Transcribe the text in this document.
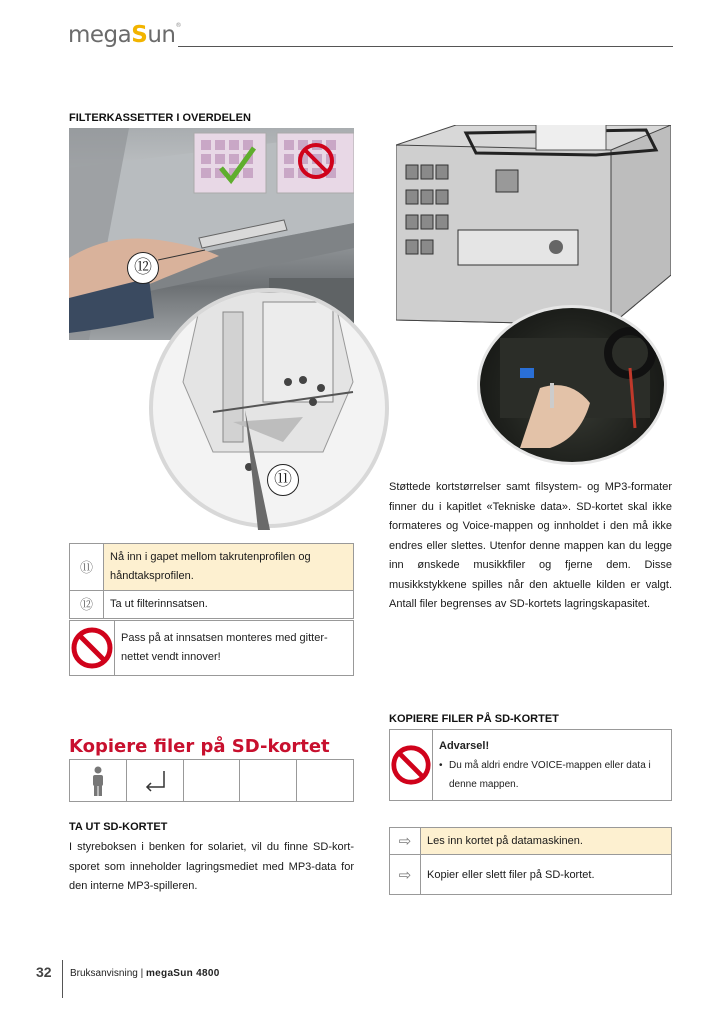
megaSun®
FILTERKASSETTER I OVERDELEN
⑫
⑪
⑪	Nå inn i gapet mellom takrutenprofilen og håndtaksprofilen.
⑫	Ta ut filterinnsatsen.
Pass på at innsatsen monteres med gitter-nettet vendt innover!
Kopiere filer på SD-kortet
TA UT SD-KORTET
I styreboksen i benken for solariet, vil du finne SD-kort-sporet som inneholder lagringsmediet med MP3-data for den interne MP3-spilleren.
Støttede kortstørrelser samt filsystem- og MP3-formater finner du i kapitlet «Tekniske data». SD-kortet skal ikke formateres og Voice-mappen og innholdet i den må ikke endres eller slettes. Utenfor denne mappen kan du legge inn ønskede musikkfiler og fjerne dem. Disse musikkstykkene spilles når den aktuelle kilden er valgt. Antall filer begrenses av SD-kortets lagringskapasitet.
KOPIERE FILER PÅ SD-KORTET
Advarsel!
• Du må aldri endre VOICE-mappen eller data i denne mappen.
⇨	Les inn kortet på datamaskinen.
⇨	Kopier eller slett filer på SD-kortet.
32 Bruksanvisning | megaSun 4800
